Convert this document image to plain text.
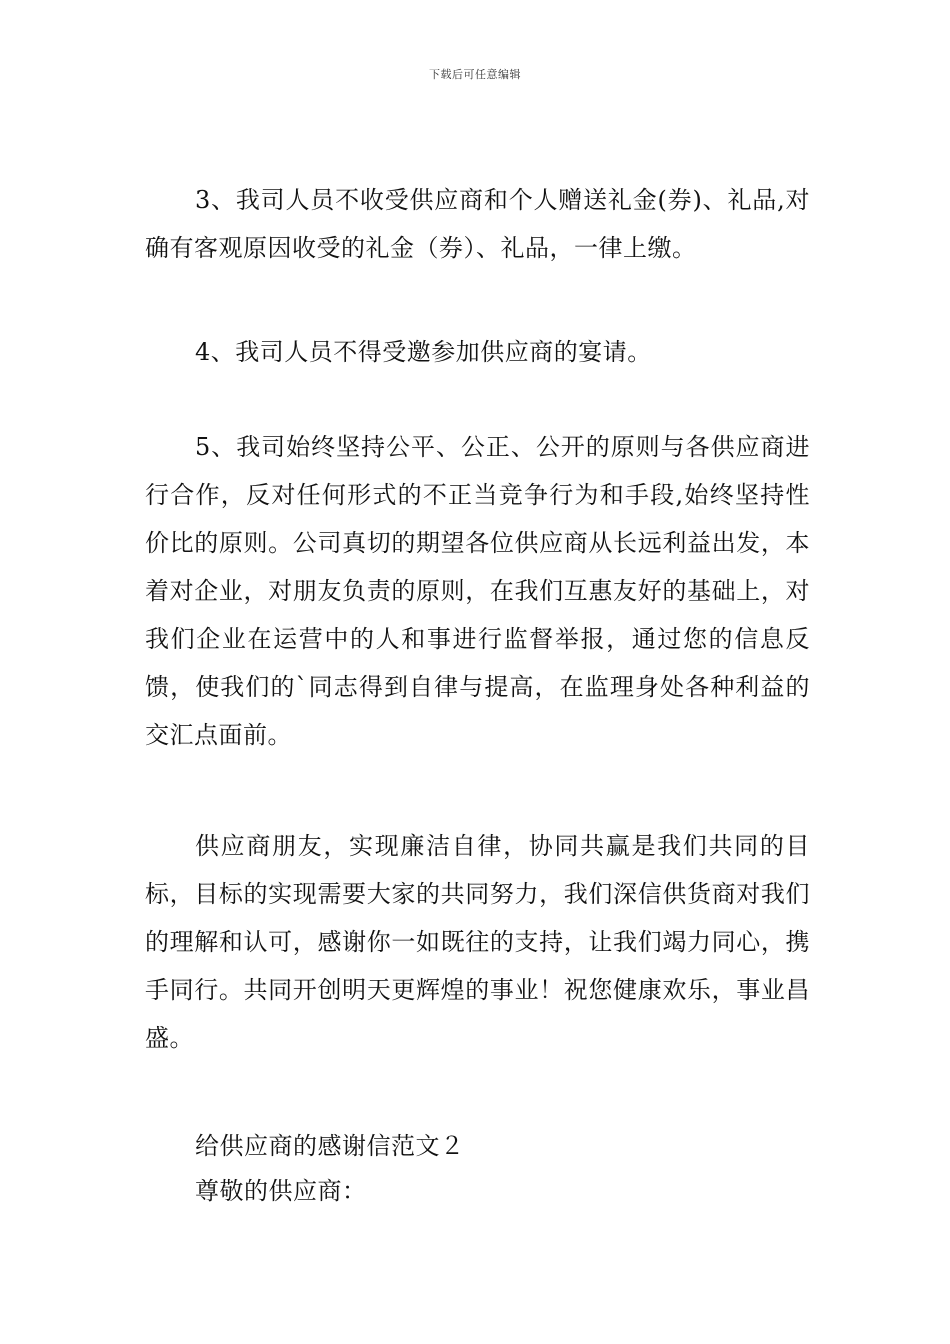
下载后可任意编辑

3、我司人员不收受供应商和个人赠送礼金(券)、礼品,对确有客观原因收受的礼金（券）、礼品，一律上缴。

4、我司人员不得受邀参加供应商的宴请。

5、我司始终坚持公平、公正、公开的原则与各供应商进行合作，反对任何形式的不正当竞争行为和手段,始终坚持性价比的原则。公司真切的期望各位供应商从长远利益出发，本着对企业，对朋友负责的原则，在我们互惠友好的基础上，对我们企业在运营中的人和事进行监督举报，通过您的信息反馈，使我们的`同志得到自律与提高，在监理身处各种利益的交汇点面前。

供应商朋友，实现廉洁自律，协同共赢是我们共同的目标，目标的实现需要大家的共同努力，我们深信供货商对我们的理解和认可，感谢你一如既往的支持，让我们竭力同心，携手同行。共同开创明天更辉煌的事业！祝您健康欢乐，事业昌盛。

给供应商的感谢信范文２

尊敬的供应商：
